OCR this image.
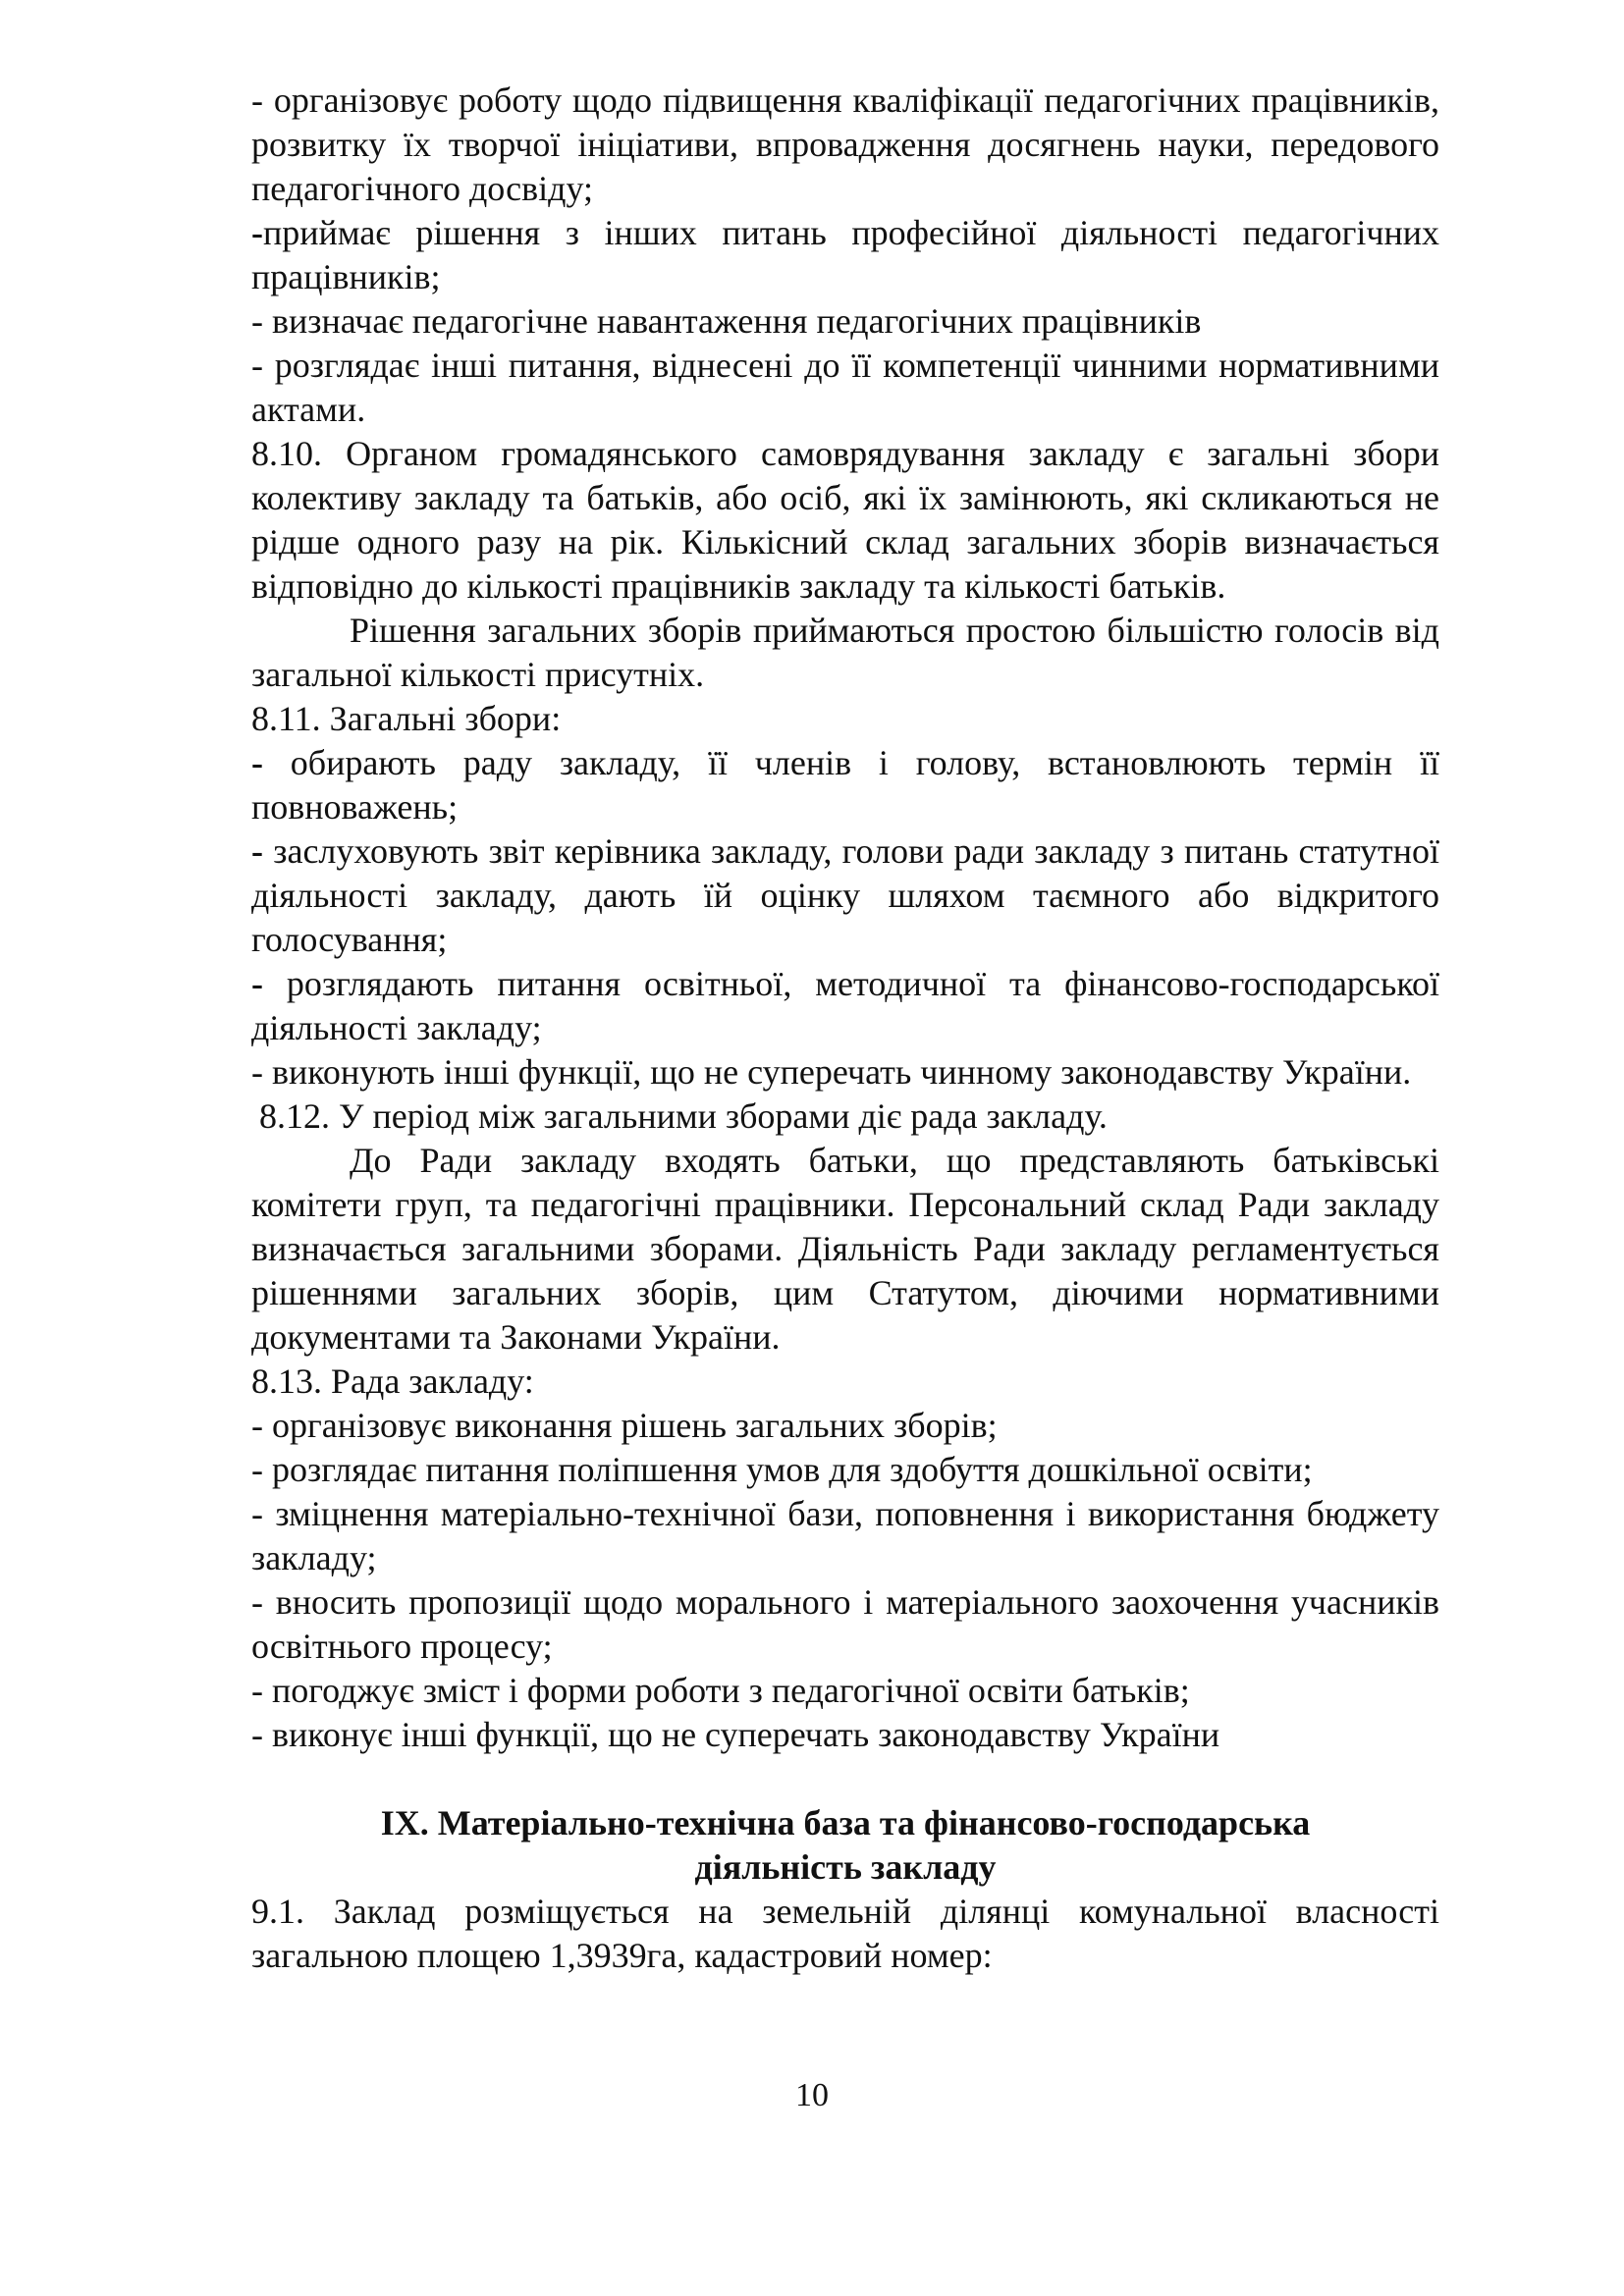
- організовує роботу щодо підвищення кваліфікації педагогічних працівників, розвитку їх творчої ініціативи, впровадження досягнень науки, передового педагогічного досвіду;

-приймає рішення з інших питань професійної діяльності педагогічних працівників;

- визначає педагогічне навантаження педагогічних працівників

- розглядає інші питання, віднесені до її компетенції чинними нормативними актами.

8.10. Органом громадянського самоврядування закладу є загальні збори колективу закладу та батьків, або осіб, які їх замінюють, які скликаються не рідше одного разу на рік. Кількісний склад загальних зборів визначається відповідно до кількості працівників закладу та кількості батьків.

Рішення загальних зборів приймаються простою більшістю голосів від загальної кількості присутніх.

8.11. Загальні збори:

- обирають раду закладу, її членів і голову, встановлюють термін її повноважень;

- заслуховують звіт керівника закладу, голови ради закладу з питань статутної діяльності закладу, дають їй оцінку шляхом таємного або відкритого голосування;

- розглядають питання освітньої, методичної та фінансово-господарської діяльності закладу;

- виконують інші функції, що не суперечать чинному законодавству України.

8.12. У період між загальними зборами діє рада закладу.

До Ради закладу входять батьки, що представляють батьківські комітети груп, та педагогічні працівники. Персональний склад Ради закладу визначається загальними зборами. Діяльність Ради закладу регламентується рішеннями загальних зборів, цим Статутом, діючими нормативними документами та Законами України.

8.13. Рада закладу:

- організовує виконання рішень загальних зборів;

- розглядає питання поліпшення умов для здобуття дошкільної освіти;

- зміцнення матеріально-технічної бази, поповнення і використання бюджету закладу;

- вносить пропозиції щодо морального і матеріального заохочення учасників освітнього процесу;

- погоджує зміст і форми роботи з педагогічної освіти батьків;

- виконує інші функції, що не суперечать законодавству України

IX. Матеріально-технічна база та фінансово-господарська
діяльність закладу

9.1. Заклад розміщується на земельній ділянці комунальної власності загальною площею 1,3939га, кадастровий номер:

10
